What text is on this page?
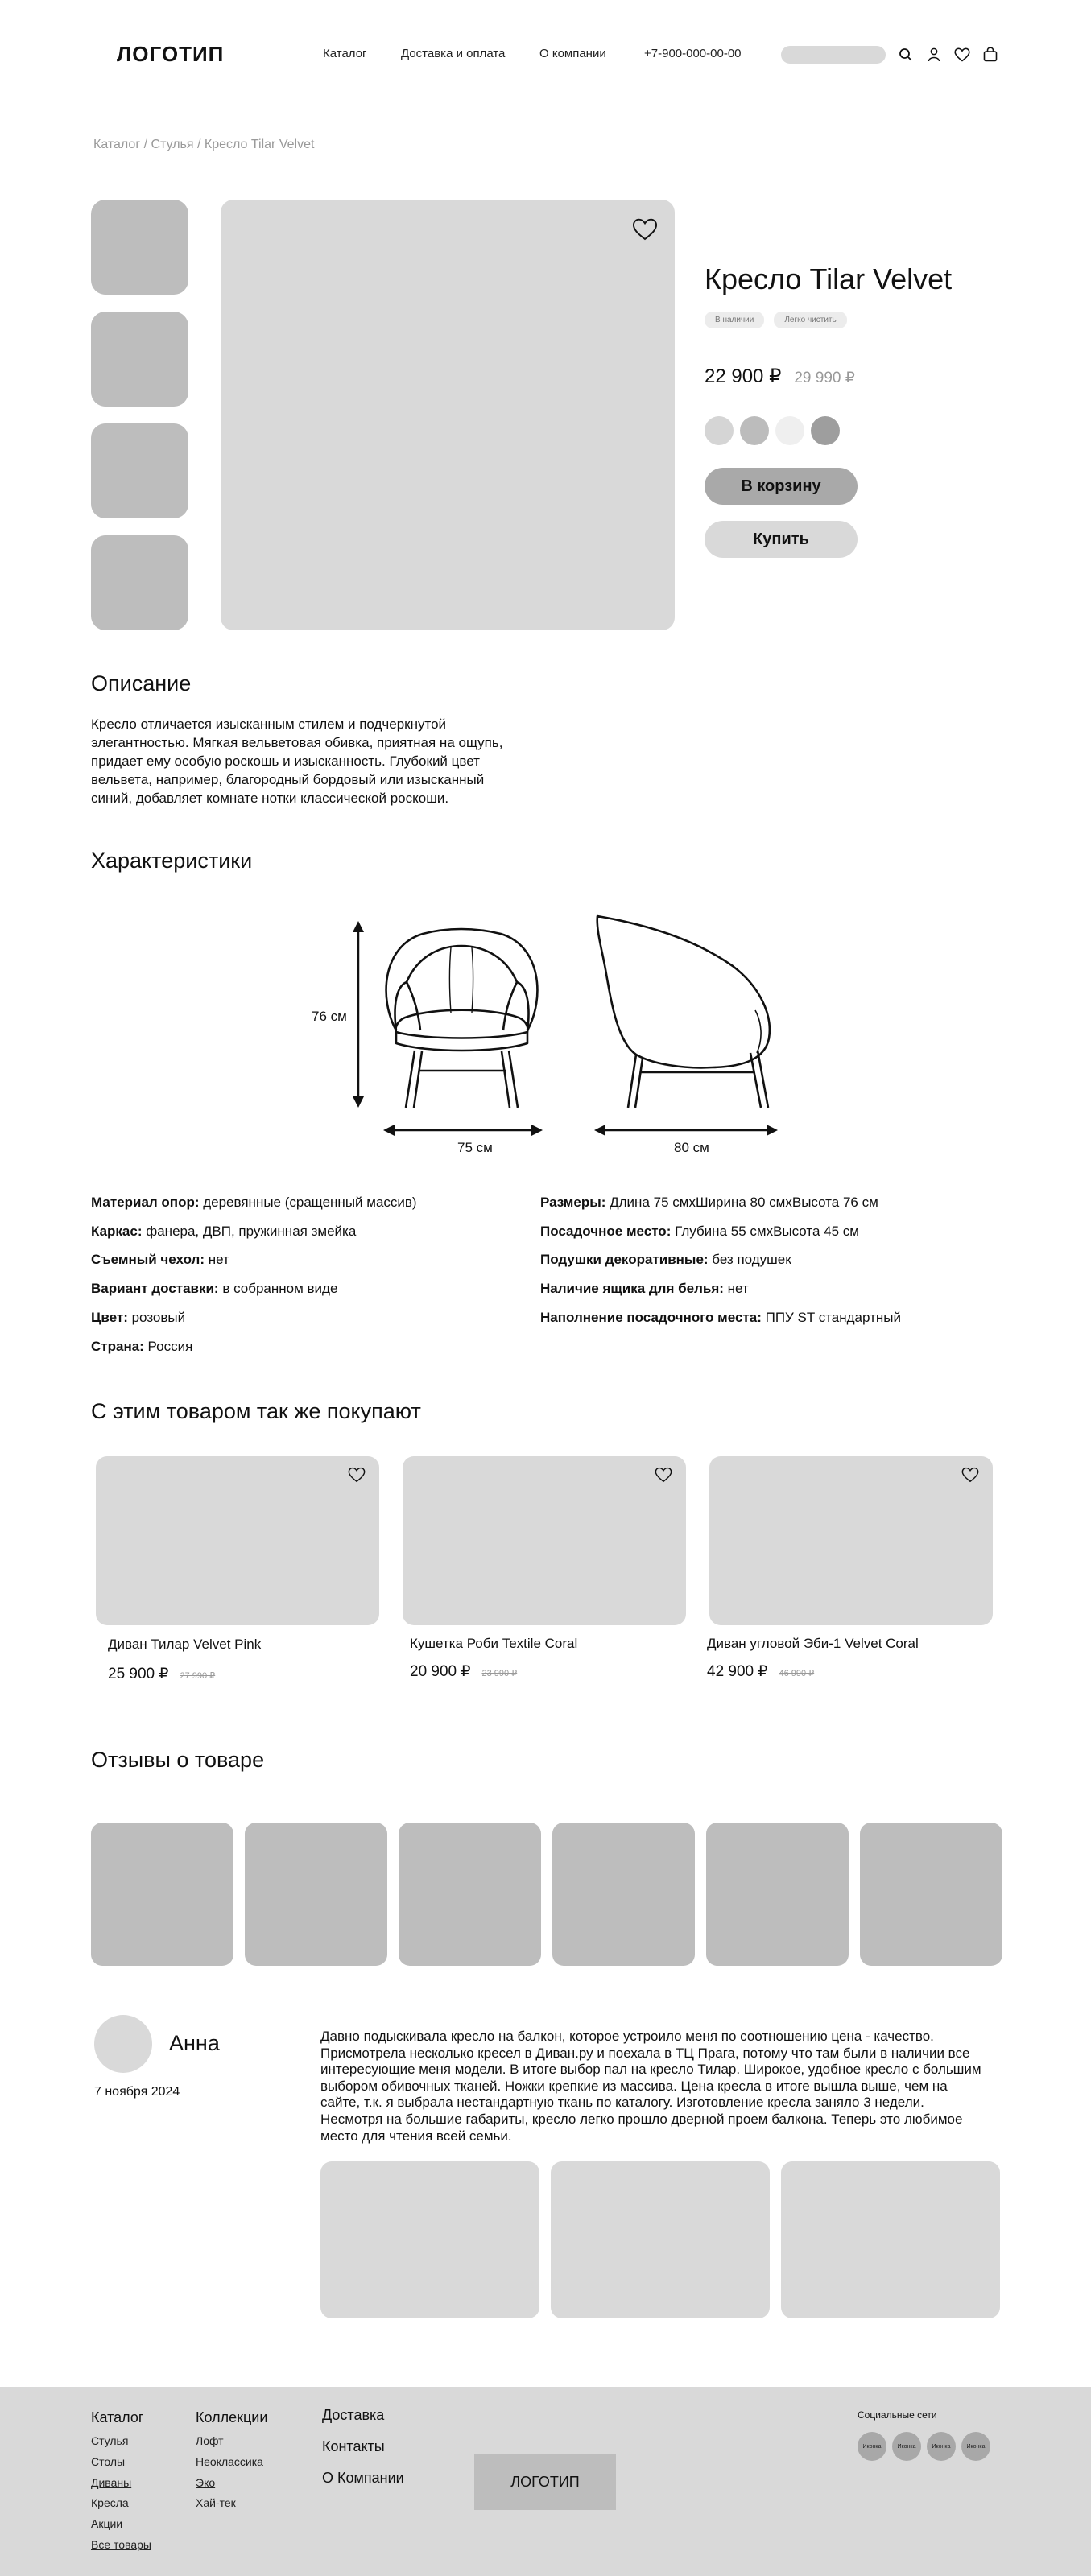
ЛОГОТИП	Каталог	Доставка и оплата	О компании	+7-900-000-00-00
Каталог / Стулья / Кресло Tilar Velvet
Кресло Tilar Velvet
В наличии	Легко чистить
22 900 ₽ 29 990 ₽
В корзину
Купить
Описание

Кресло отличается изысканным стилем и подчеркнутой элегантностью. Мягкая вельветовая обивка, приятная на ощупь, придает ему особую роскошь и изысканность. Глубокий цвет вельвета, например, благородный бордовый или изысканный синий, добавляет комнате нотки классической роскоши.

Характеристики
76 см
75 см	80 см
Материал опор: деревянные (сращенный массив)
Каркас: фанера, ДВП, пружинная змейка
Съемный чехол: нет
Вариант доставки: в собранном виде
Цвет: розовый
Страна: Россия
Размеры: Длина 75 смхШирина 80 смхВысота 76 см
Посадочное место: Глубина 55 смхВысота 45 см
Подушки декоративные: без подушек
Наличие ящика для белья: нет
Наполнение посадочного места: ППУ ST стандартный
С этим товаром так же покупают
Диван Тилар Velvet Pink
25 900 ₽ 27 990 ₽
Кушетка Роби Textile Coral
20 900 ₽ 23 990 ₽
Диван угловой Эби-1 Velvet Coral
42 900 ₽ 46 990 ₽
Отзывы о товаре
Анна
7 ноября 2024

Давно подыскивала кресло на балкон, которое устроило меня по соотношению цена - качество. Присмотрела несколько кресел в Диван.ру и поехала в ТЦ Прага, потому что там были в наличии все интересующие меня модели. В итоге выбор пал на кресло Тилар. Широкое, удобное кресло с большим выбором обивочных тканей. Ножки крепкие из массива. Цена кресла в итоге вышла выше, чем на сайте, т.к. я выбрала нестандартную ткань по каталогу. Изготовление кресла заняло 3 недели. Несмотря на большие габариты, кресло легко прошло дверной проем балкона. Теперь это любимое место для чтения всей семьи.

Каталог
Стулья
Столы
Диваны
Кресла
Акции
Все товары
Коллекции
Лофт
Неоклассика
Эко
Хай-тек
Доставка
Контакты
О Компании	ЛОГОТИП
Социальные сети
Иконка	Иконка	Иконка	Иконка
